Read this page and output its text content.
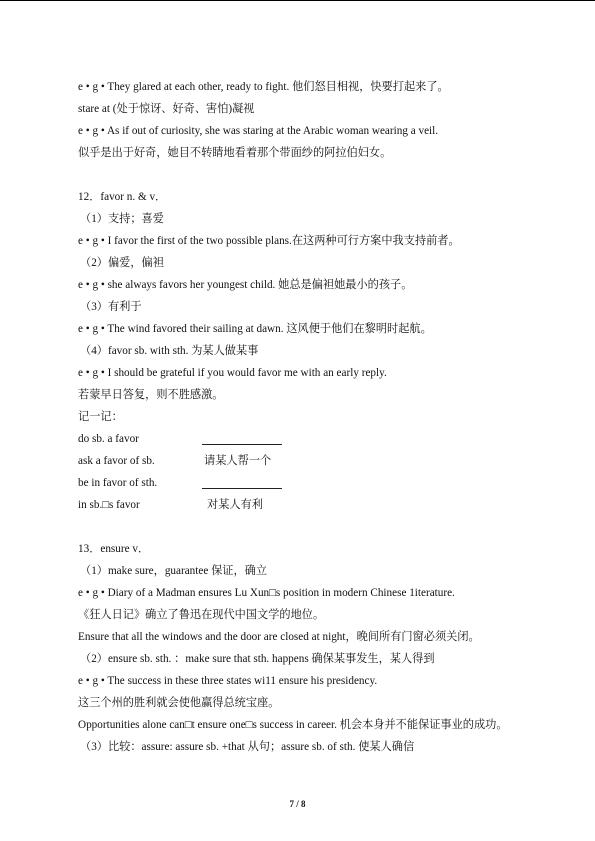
e • g • They glared at each other, ready to fight. 他们怒目相视，快要打起来了。
stare at (处于惊讶、好奇、害怕)凝视
e • g • As if out of curiosity, she was staring at the Arabic woman wearing a veil.
似乎是出于好奇，她目不转睛地看着那个带面纱的阿拉伯妇女。
12．favor n. & v．
（1）支持；喜爱
e • g • I favor the first of the two possible plans.在这两种可行方案中我支持前者。
（2）偏爱，偏袒
e • g • she always favors her youngest child. 她总是偏袒她最小的孩子。
（3）有利于
e • g • The wind favored their sailing at dawn. 这风便于他们在黎明时起航。
（4）favor sb. with sth. 为某人做某事
e • g • I should be grateful if you would favor me with an early reply.
若蒙早日答复，则不胜感激。
记一记：
do sb. a favor
ask a favor of sb.	请某人帮一个
be in favor of sth.
in sb.□s favor	对某人有利
13．ensure v．
（1）make sure，guarantee 保证，确立
e • g • Diary of a Madman ensures Lu Xun□s position in modern Chinese 1iterature.
《狂人日记》确立了鲁迅在现代中国文学的地位。
Ensure that all the windows and the door are closed at night，晚间所有门窗必须关闭。
（2）ensure sb. sth. ：make sure that sth. happens 确保某事发生，某人得到
e • g • The success in these three states wi11 ensure his presidency.
这三个州的胜利就会使他赢得总统宝座。
Opportunities alone can□t ensure one□s success in career. 机会本身并不能保证事业的成功。
（3）比较：assure: assure sb. +that 从句；assure sb. of sth. 使某人确信
7 / 8
